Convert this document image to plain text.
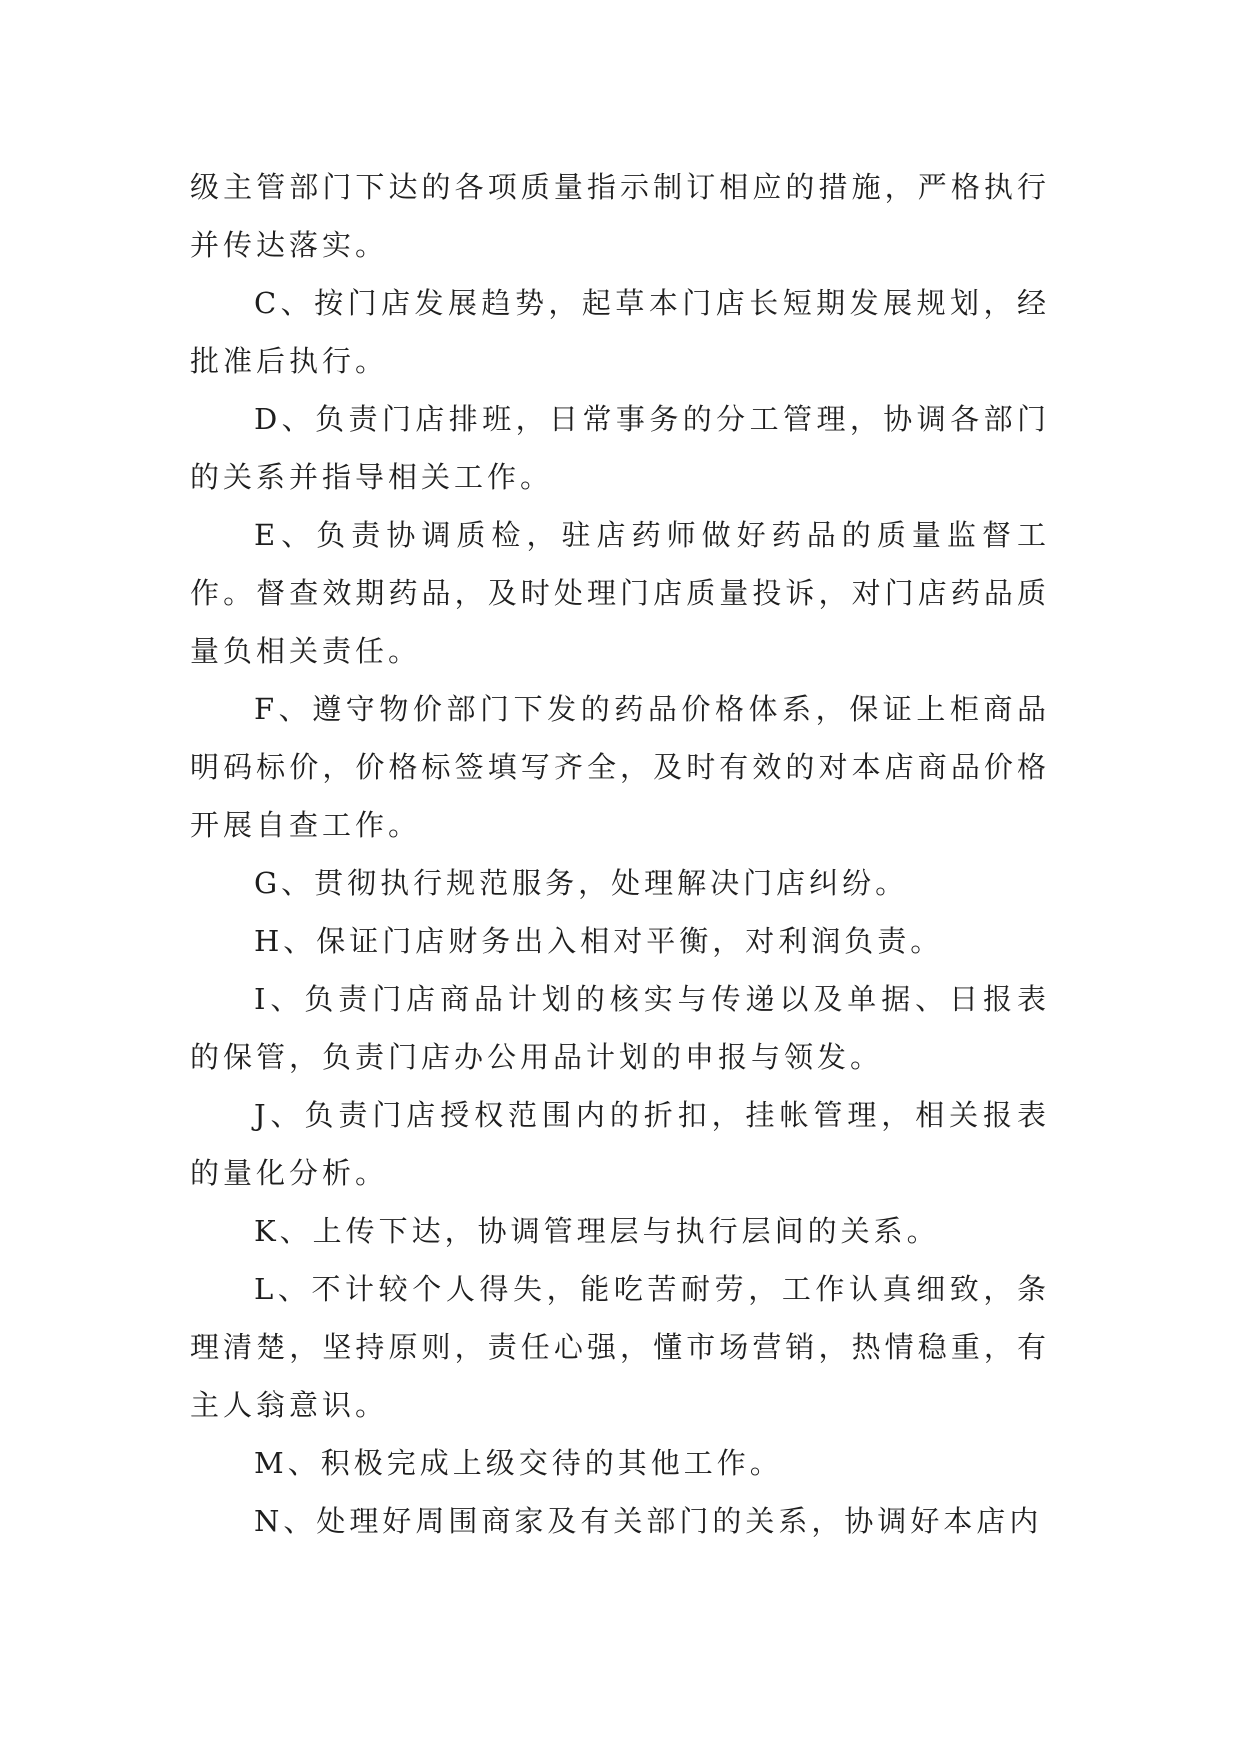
级主管部门下达的各项质量指示制订相应的措施，严格执行并传达落实。

C、按门店发展趋势，起草本门店长短期发展规划，经批准后执行。

D、负责门店排班，日常事务的分工管理，协调各部门的关系并指导相关工作。

E、负责协调质检，驻店药师做好药品的质量监督工作。督查效期药品，及时处理门店质量投诉，对门店药品质量负相关责任。

F、遵守物价部门下发的药品价格体系，保证上柜商品明码标价，价格标签填写齐全，及时有效的对本店商品价格开展自查工作。

G、贯彻执行规范服务，处理解决门店纠纷。

H、保证门店财务出入相对平衡，对利润负责。

I、负责门店商品计划的核实与传递以及单据、日报表的保管，负责门店办公用品计划的申报与领发。

J、负责门店授权范围内的折扣，挂帐管理，相关报表的量化分析。

K、上传下达，协调管理层与执行层间的关系。

L、不计较个人得失，能吃苦耐劳，工作认真细致，条理清楚，坚持原则，责任心强，懂市场营销，热情稳重，有主人翁意识。

M、积极完成上级交待的其他工作。

N、处理好周围商家及有关部门的关系，协调好本店内
